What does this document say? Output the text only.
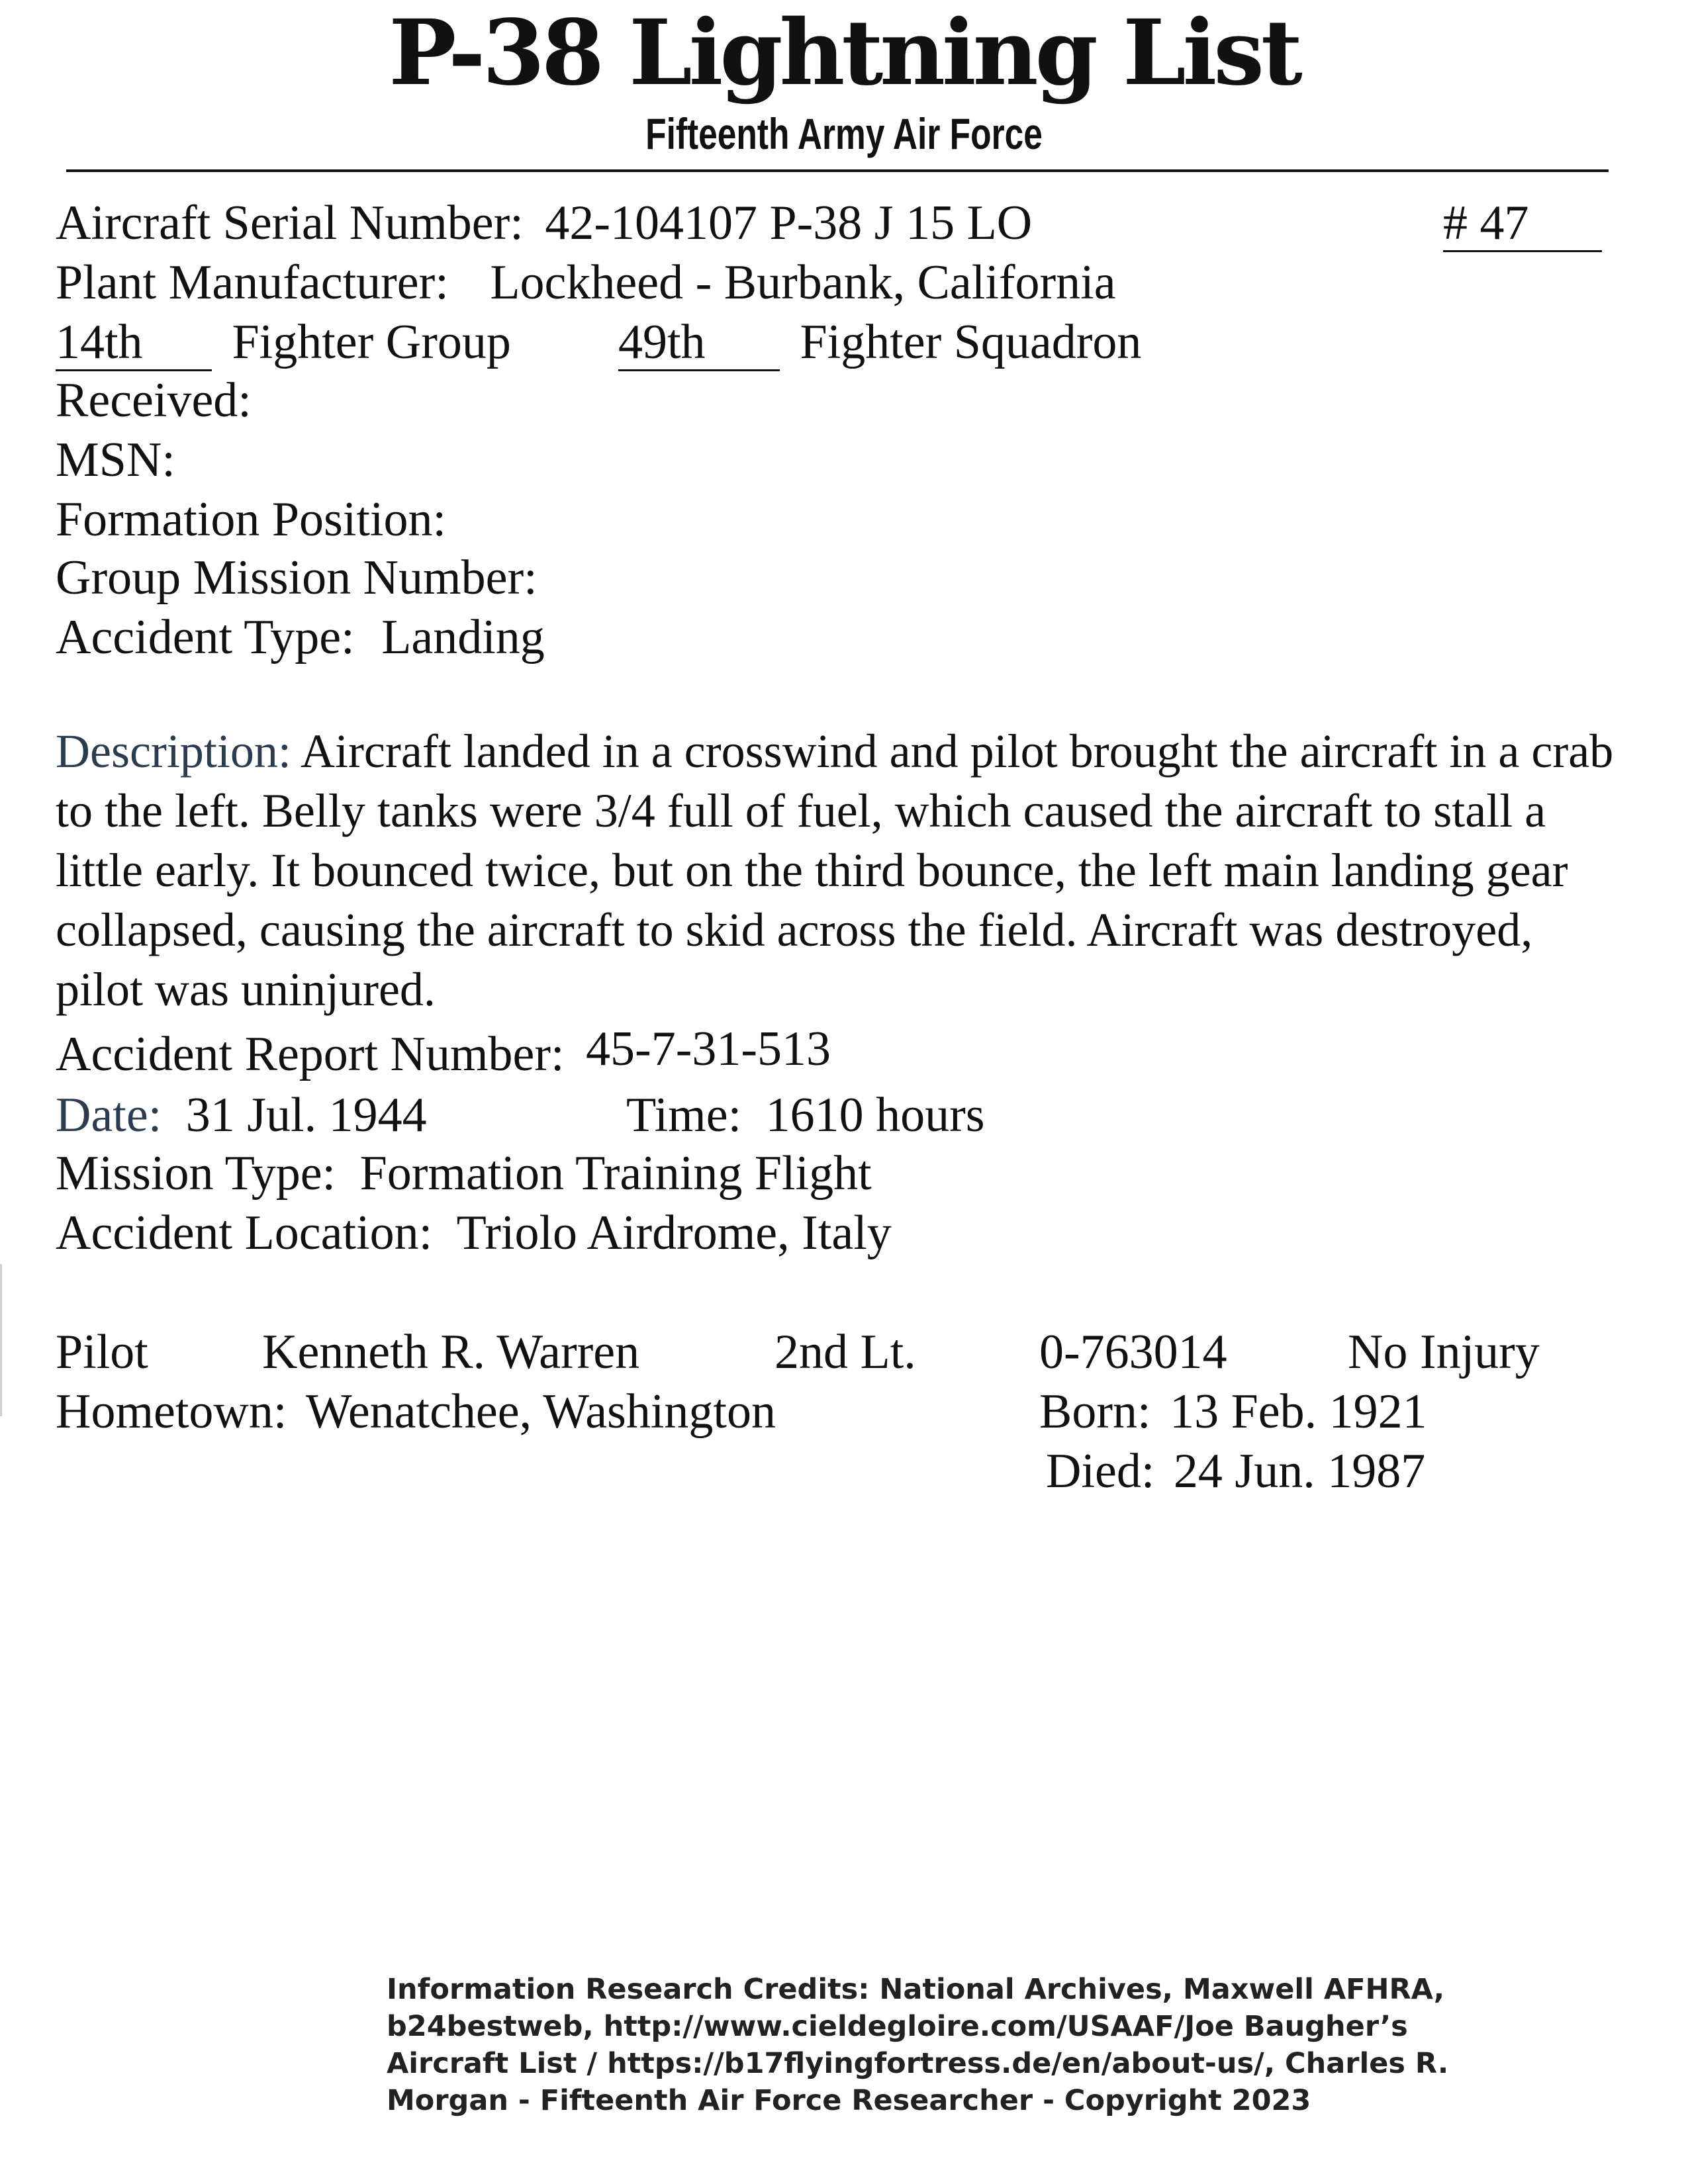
P-38 Lightning List
Fifteenth Army Air Force
Aircraft Serial Number: 42-104107 P-38 J 15 LO	# 47
Plant Manufacturer: Lockheed - Burbank, California
14th Fighter Group 49th Fighter Squadron
Received:
MSN:
Formation Position:
Group Mission Number:
Accident Type: Landing
Description: Aircraft landed in a crosswind and pilot brought the aircraft in a crab to the left. Belly tanks were 3/4 full of fuel, which caused the aircraft to stall a little early. It bounced twice, but on the third bounce, the left main landing gear collapsed, causing the aircraft to skid across the field. Aircraft was destroyed, pilot was uninjured.
Accident Report Number: 45-7-31-513
Date: 31 Jul. 1944	Time: 1610 hours
Mission Type: Formation Training Flight
Accident Location: Triolo Airdrome, Italy
Pilot Kenneth R. Warren	2nd Lt.	0-763014 No Injury
Hometown: Wenatchee, Washington	Born: 13 Feb. 1921
Died: 24 Jun. 1987
Information Research Credits: National Archives, Maxwell AFHRA,
b24bestweb, http://www.cieldegloire.com/USAAF/Joe Baugher’s
Aircraft List / https://b17flyingfortress.de/en/about-us/, Charles R.
Morgan - Fifteenth Air Force Researcher - Copyright 2023
